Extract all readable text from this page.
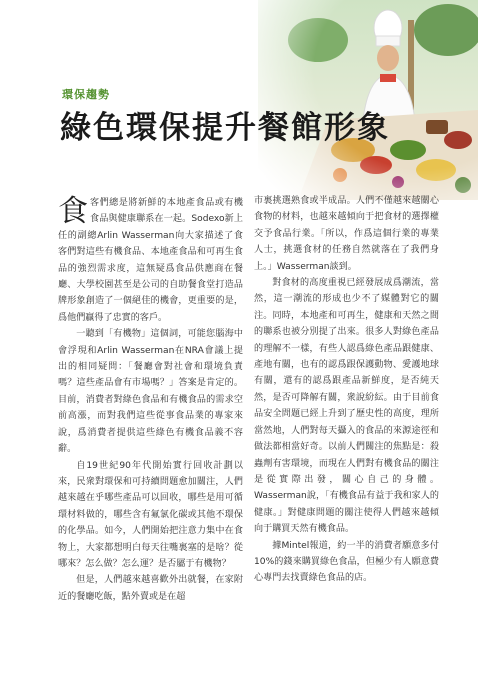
環保趨勢
綠色環保提升餐館形象

食客們總是將新鮮的本地產食品或有機食品與健康聯系在一起。Sodexo新上任的副總Arlin Wasserman向大家描述了食客們對這些有機食品、本地產食品和可再生食品的強烈需求度，這無疑爲食品供應商在餐廳、大學校園甚至是公司的自助餐食堂打造品牌形象創造了一個絕佳的機會，更重要的是，爲他們贏得了忠實的客戶。

一聽到「有機物」這個詞，可能您腦海中會浮現和Arlin Wasserman在NRA會議上提出的相同疑問：「餐廳會對社會和環境負責嗎？這些產品會有市場嗎？」答案是肯定的。目前，消費者對綠色食品和有機食品的需求空前高漲，而對我們這些從事食品業的專家來說，爲消費者提供這些綠色有機食品義不容辭。

自19世紀90年代開始實行回收計劃以來，民衆對環保和可持續問題愈加關注，人們越來越在乎哪些產品可以回收，哪些是用可循環材料做的，哪些含有氟氯化碳或其他不環保的化學品。如今，人們開始把注意力集中在食物上，大家都想明白每天往嘴裏塞的是啥？從哪來？怎么做？怎么運？是否屬于有機物？

但是，人們越來越喜歡外出就餐，在家附近的餐廳吃飯，點外賣或是在超

市裏挑選熟食或半成品。人們不僅越來越關心食物的材料，也越來越傾向于把食材的選擇權交予食品行業。「所以，作爲這個行業的專業人士，挑選食材的任務自然就落在了我們身上。」Wasserman談到。

對食材的高度重視已經發展成爲潮流，當然，這一潮流的形成也少不了媒體對它的關注。同時，本地產和可再生，健康和天然之間的聯系也被分別提了出來。很多人對綠色產品的理解不一樣，有些人認爲綠色產品跟健康、產地有關，也有的認爲跟保護動物、愛護地球有關，還有的認爲跟產品新鮮度，是否純天然，是否可降解有關，衆說紛紜。由于目前食品安全問題已經上升到了歷史性的高度，理所當然地，人們對每天攝入的食品的來源途徑和做法都相當好奇。以前人們關注的焦點是：殺蟲劑有害環境，而現在人們對有機食品的關注是從實際出發，關心自己的身體。Wasserman說，「有機食品有益于我和家人的健康。」對健康問題的關注使得人們越來越傾向于購買天然有機食品。

據Mintel報道，約一半的消費者願意多付10%的錢來購買綠色食品，但極少有人願意費心專門去找賣綠色食品的店。
